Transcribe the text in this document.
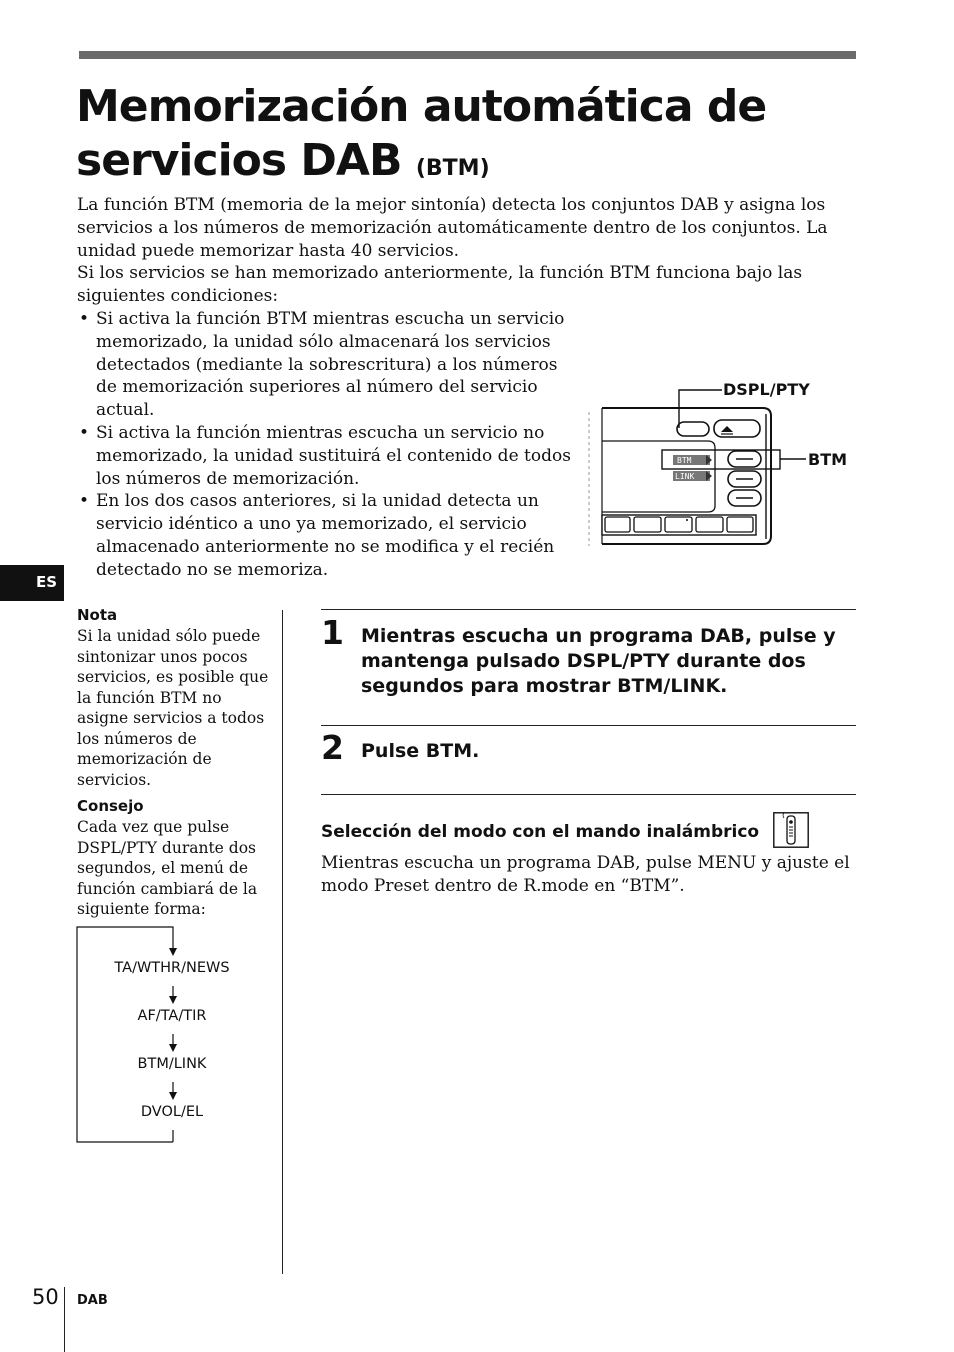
Memorización automática de
servicios DAB (BTM)

La función BTM (memoria de la mejor sintonía) detecta los conjuntos DAB y asigna los servicios a los números de memorización automáticamente dentro de los conjuntos. La unidad puede memorizar hasta 40 servicios.

Si los servicios se han memorizado anteriormente, la función BTM funciona bajo las siguientes condiciones:

• Si activa la función BTM mientras escucha un servicio memorizado, la unidad sólo almacenará los servicios detectados (mediante la sobrescritura) a los números de memorización superiores al número del servicio actual.
• Si activa la función mientras escucha un servicio no memorizado, la unidad sustituirá el contenido de todos los números de memorización.
• En los dos casos anteriores, si la unidad detecta un servicio idéntico a uno ya memorizado, el servicio almacenado anteriormente no se modifica y el recién detectado no se memoriza.
BTM
LINK
DSPL/PTY
BTM
ES
Nota
Si la unidad sólo puede sintonizar unos pocos servicios, es posible que la función BTM no asigne servicios a todos los números de memorización de servicios.
Consejo
Cada vez que pulse DSPL/PTY durante dos segundos, el menú de función cambiará de la siguiente forma:
TA/WTHR/NEWS
AF/TA/TIR
BTM/LINK
DVOL/EL
1 Mientras escucha un programa DAB, pulse y mantenga pulsado DSPL/PTY durante dos segundos para mostrar BTM/LINK.
2 Pulse BTM.
Selección del modo con el mando inalámbrico
Mientras escucha un programa DAB, pulse MENU y ajuste el modo Preset dentro de R.mode en “BTM”.
50 DAB
